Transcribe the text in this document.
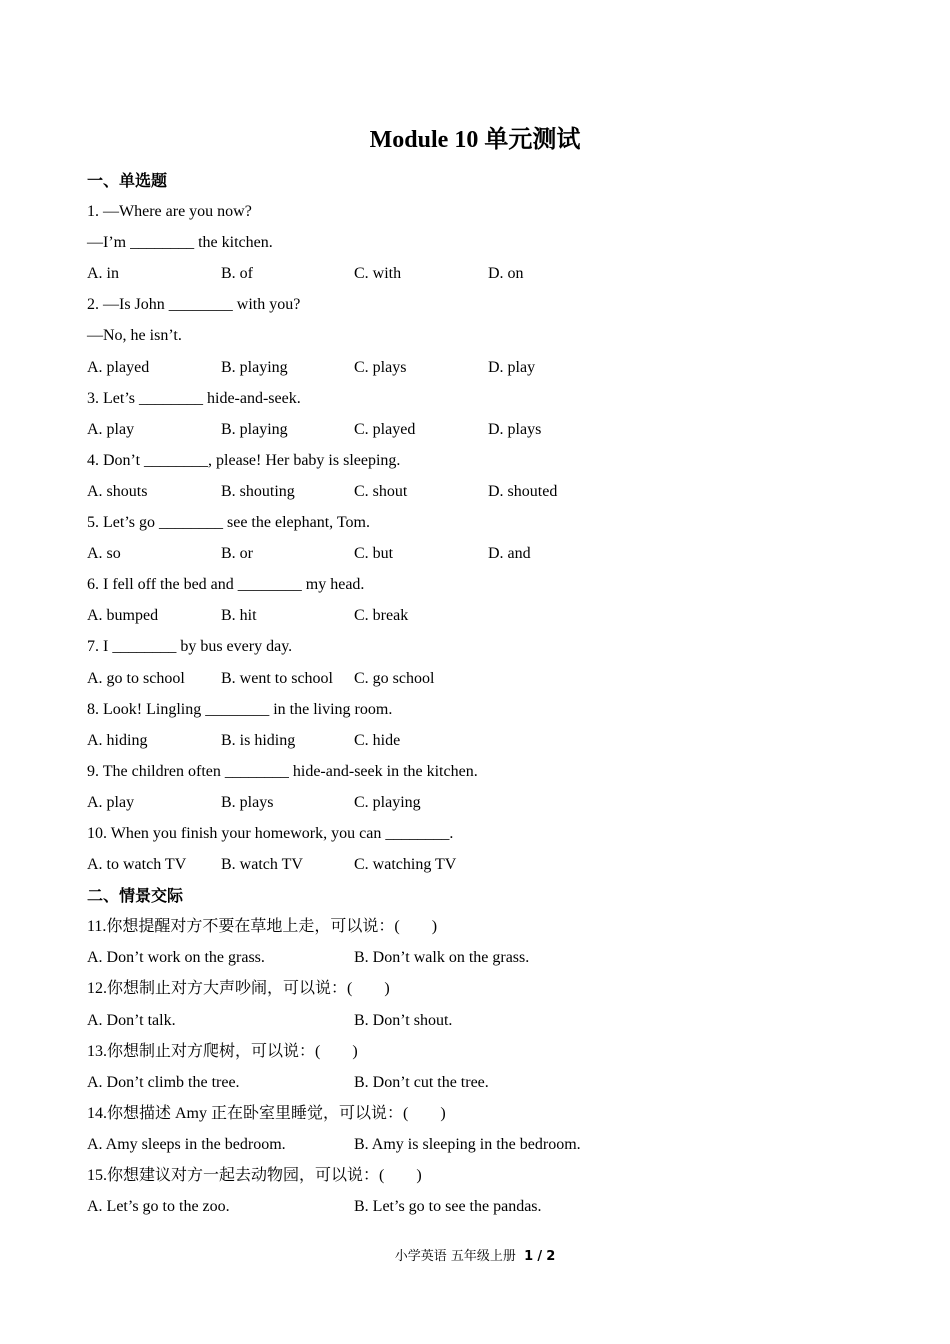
Module 10 单元测试
一、单选题
1. —Where are you now?
—I’m ________ the kitchen.
A. in	B. of	C. with	D. on
2. —Is John ________ with you?
—No, he isn’t.
A. played	B. playing	C. plays	D. play
3. Let’s ________ hide-and-seek.
A. play	B. playing	C. played	D. plays
4. Don’t ________, please! Her baby is sleeping.
A. shouts	B. shouting	C. shout	D. shouted
5. Let’s go ________ see the elephant, Tom.
A. so	B. or	C. but	D. and
6. I fell off the bed and ________ my head.
A. bumped	B. hit	C. break
7. I ________ by bus every day.
A. go to school B. went to school C. go school
8. Look! Lingling ________ in the living room.
A. hiding	B. is hiding	C. hide
9. The children often ________ hide-and-seek in the kitchen.
A. play	B. plays	C. playing
10. When you finish your homework, you can ________.
A. to watch TV B. watch TV	C. watching TV
二、情景交际
11.你想提醒对方不要在草地上走，可以说：(　　)
A. Don’t work on the grass.	B. Don’t walk on the grass.
12.你想制止对方大声吵闹，可以说：(　　)
A. Don’t talk.	B. Don’t shout.
13.你想制止对方爬树，可以说：(　　)
A. Don’t climb the tree.	B. Don’t cut the tree.
14.你想描述 Amy 正在卧室里睡觉，可以说：(　　)
A. Amy sleeps in the bedroom.	B. Amy is sleeping in the bedroom.
15.你想建议对方一起去动物园，可以说：(　　)
A. Let’s go to the zoo.	B. Let’s go to see the pandas.
小学英语 五年级上册 1 / 2
